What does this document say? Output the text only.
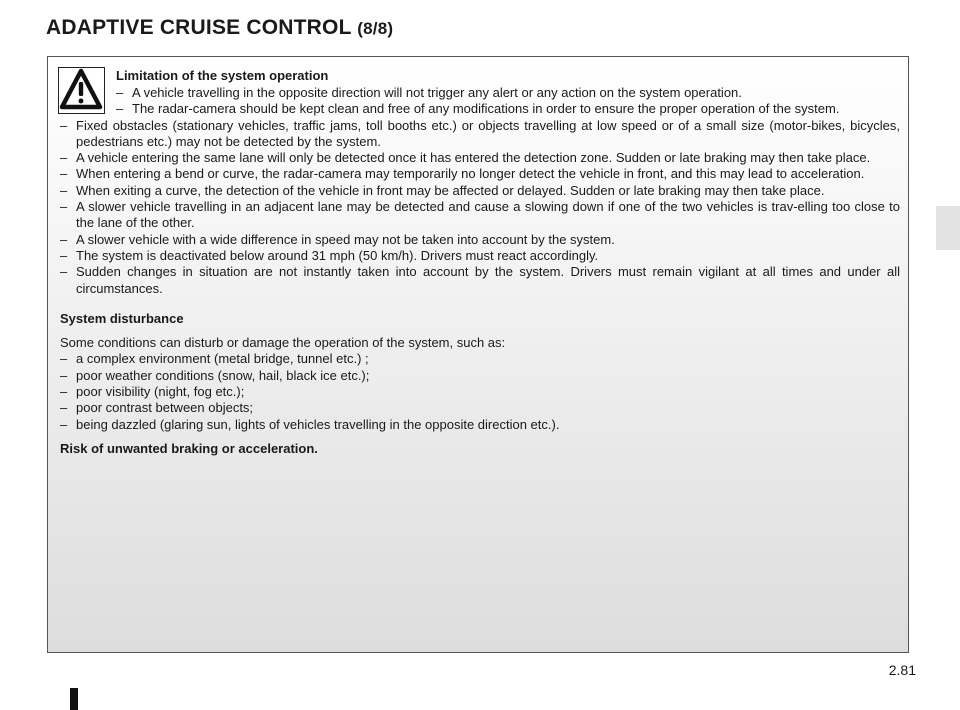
ADAPTIVE CRUISE CONTROL (8/8)
Limitation of the system operation

–A vehicle travelling in the opposite direction will not trigger any alert or any action on the system operation.

–The radar-camera should be kept clean and free of any modifications in order to ensure the proper operation of the system.

– Fixed obstacles (stationary vehicles, traffic jams, toll booths etc.) or objects travelling at low speed or of a small size (motor-bikes, bicycles, pedestrians etc.) may not be detected by the system.

– A vehicle entering the same lane will only be detected once it has entered the detection zone. Sudden or late braking may then take place.

– When entering a bend or curve, the radar-camera may temporarily no longer detect the vehicle in front, and this may lead to acceleration.

– When exiting a curve, the detection of the vehicle in front may be affected or delayed. Sudden or late braking may then take place.

– A slower vehicle travelling in an adjacent lane may be detected and cause a slowing down if one of the two vehicles is trav-elling too close to the lane of the other.

– A slower vehicle with a wide difference in speed may not be taken into account by the system.

– The system is deactivated below around 31 mph (50 km/h). Drivers must react accordingly.

– Sudden changes in situation are not instantly taken into account by the system. Drivers must remain vigilant at all times and under all circumstances.

System disturbance

Some conditions can disturb or damage the operation of the system, such as:

– a complex environment (metal bridge, tunnel etc.) ;

– poor weather conditions (snow, hail, black ice etc.);

– poor visibility (night, fog etc.);

– poor contrast between objects;

– being dazzled (glaring sun, lights of vehicles travelling in the opposite direction etc.).

Risk of unwanted braking or acceleration.

2.81
